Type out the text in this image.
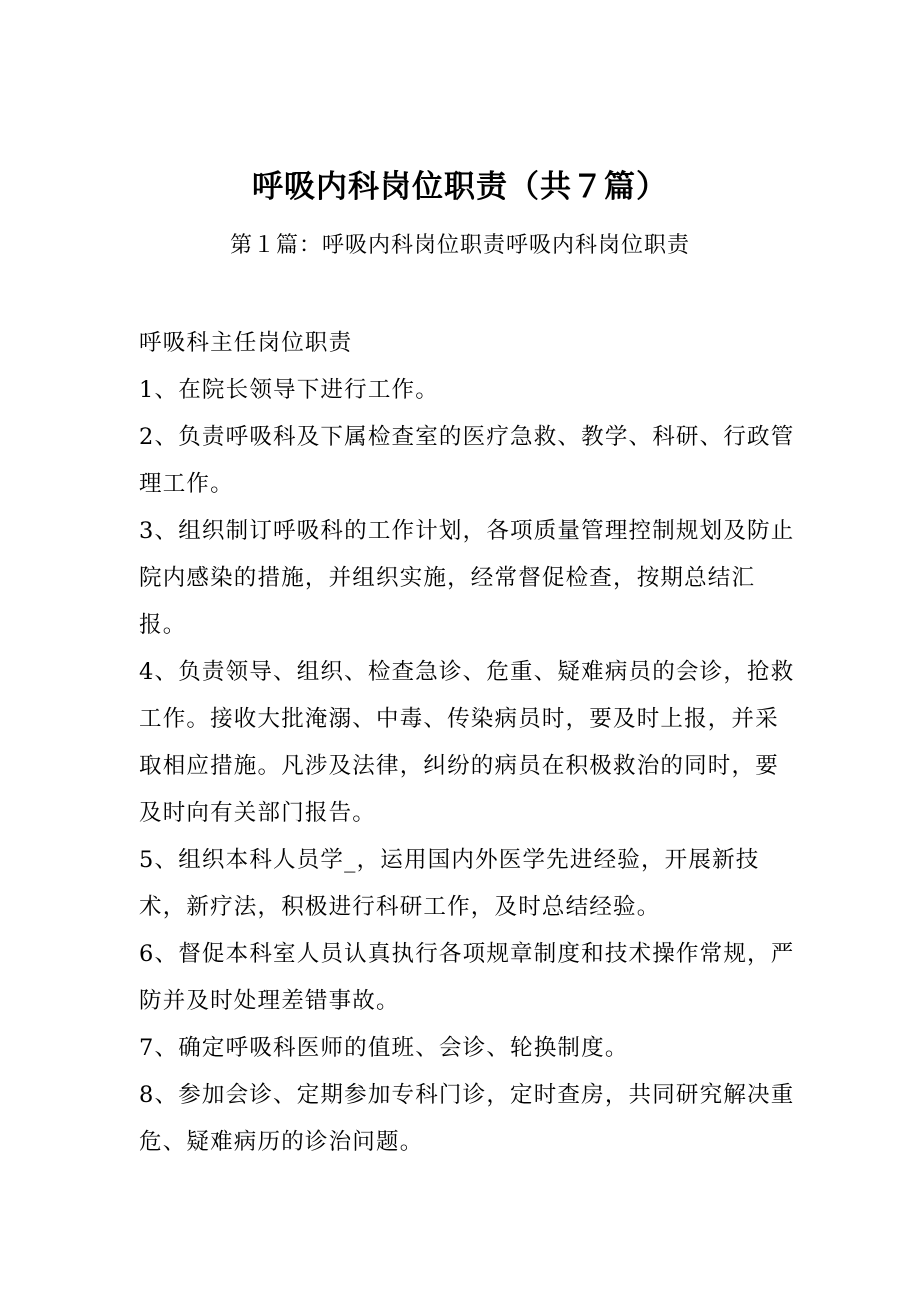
呼吸内科岗位职责（共７篇）
第１篇：呼吸内科岗位职责呼吸内科岗位职责

呼吸科主任岗位职责

1、在院长领导下进行工作。

2、负责呼吸科及下属检查室的医疗急救、教学、科研、行政管理工作。

3、组织制订呼吸科的工作计划，各项质量管理控制规划及防止院内感染的措施，并组织实施，经常督促检查，按期总结汇报。

4、负责领导、组织、检查急诊、危重、疑难病员的会诊，抢救工作。接收大批淹溺、中毒、传染病员时，要及时上报，并采取相应措施。凡涉及法律，纠纷的病员在积极救治的同时，要及时向有关部门报告。

5、组织本科人员学_，运用国内外医学先进经验，开展新技术，新疗法，积极进行科研工作，及时总结经验。

6、督促本科室人员认真执行各项规章制度和技术操作常规，严防并及时处理差错事故。

7、确定呼吸科医师的值班、会诊、轮换制度。

8、参加会诊、定期参加专科门诊，定时查房，共同研究解决重危、疑难病历的诊治问题。
